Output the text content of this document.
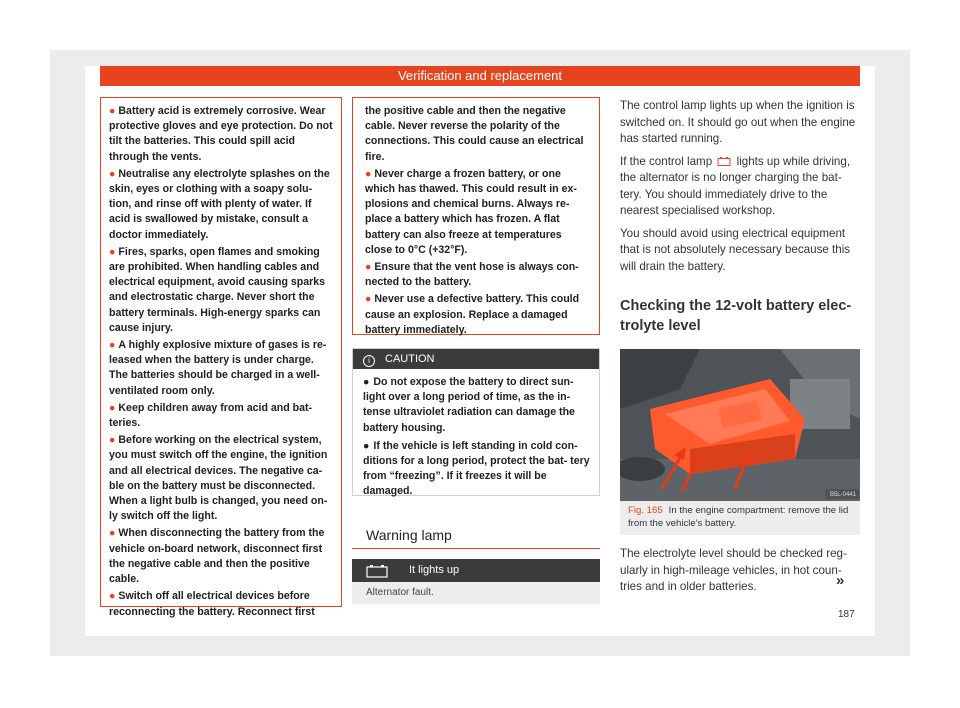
Verification and replacement

● Battery acid is extremely corrosive. Wear protective gloves and eye protection. Do not tilt the batteries. This could spill acid through the vents.

● Neutralise any electrolyte splashes on the skin, eyes or clothing with a soapy solu- tion, and rinse off with plenty of water. If acid is swallowed by mistake, consult a doctor immediately.

● Fires, sparks, open flames and smoking are prohibited. When handling cables and electrical equipment, avoid causing sparks and electrostatic charge. Never short the battery terminals. High-energy sparks can cause injury.

● A highly explosive mixture of gases is re- leased when the battery is under charge. The batteries should be charged in a well- ventilated room only.

● Keep children away from acid and bat- teries.

● Before working on the electrical system, you must switch off the engine, the ignition and all electrical devices. The negative ca- ble on the battery must be disconnected. When a light bulb is changed, you need on- ly switch off the light.

● When disconnecting the battery from the vehicle on-board network, disconnect first the negative cable and then the positive cable.

● Switch off all electrical devices before reconnecting the battery. Reconnect first

the positive cable and then the negative cable. Never reverse the polarity of the connections. This could cause an electrical fire.

● Never charge a frozen battery, or one which has thawed. This could result in ex- plosions and chemical burns. Always re- place a battery which has frozen. A flat battery can also freeze at temperatures close to 0°C (+32°F).

● Ensure that the vent hose is always con- nected to the battery.

● Never use a defective battery. This could cause an explosion. Replace a damaged battery immediately.

i CAUTION

● Do not expose the battery to direct sun- light over a long period of time, as the in- tense ultraviolet radiation can damage the battery housing.

● If the vehicle is left standing in cold con- ditions for a long period, protect the bat- tery from “freezing”. If it freezes it will be damaged.

Warning lamp
It lights up
Alternator fault.

The control lamp lights up when the ignition is switched on. It should go out when the engine has started running.

If the control lamp lights up while driving, the alternator is no longer charging the bat- tery. You should immediately drive to the nearest specialised workshop.

You should avoid using electrical equipment that is not absolutely necessary because this will drain the battery.

Checking the 12-volt battery elec- trolyte level
B5L-0441
Fig. 165 In the engine compartment: remove the lid from the vehicle's battery.

The electrolyte level should be checked reg- ularly in high-mileage vehicles, in hot coun- tries and in older batteries.	»
187
